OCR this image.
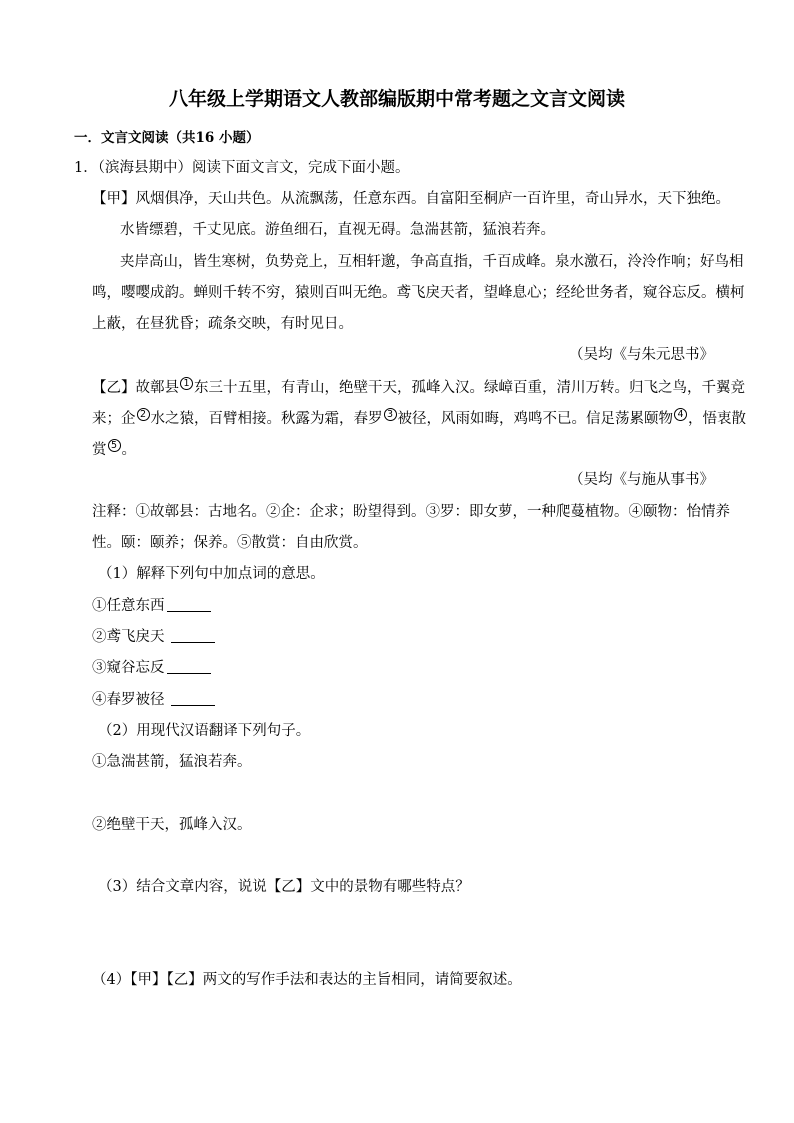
八年级上学期语文人教部编版期中常考题之文言文阅读
一．文言文阅读（共16 小题）
1．（滨海县期中）阅读下面文言文，完成下面小题。
【甲】风烟俱净，天山共色。从流飘荡，任意东西。自富阳至桐庐一百许里，奇山异水，天下独绝。
水皆缥碧，千丈见底。游鱼细石，直视无碍。急湍甚箭，猛浪若奔。
夹岸高山，皆生寒树，负势竞上，互相轩邈，争高直指，千百成峰。泉水激石，泠泠作响；好鸟相
鸣，嘤嘤成韵。蝉则千转不穷，猿则百叫无绝。鸢飞戾天者，望峰息心；经纶世务者，窥谷忘反。横柯
上蔽，在昼犹昏；疏条交映，有时见日。
（吴均《与朱元思书》
【乙】故鄣县 $^1$ 东三十五里，有青山，绝壁干天，孤峰入汉。绿嶂百重，清川万转。归飞之鸟，千翼竞
来；企 $^2$ 水之猿，百臂相接。秋露为霜，春罗 $^3$ 被径，风雨如晦，鸡鸣不已。信足荡累颐物 $^4$ ，悟衷散
赏 $^5$ 。
（吴均《与施从事书》
注释：①故鄣县：古地名。②企：企求；盼望得到。③罗：即女萝，一种爬蔓植物。④颐物：怡情养
性。颐：颐养；保养。⑤散赏：自由欣赏。
（1）解释下列句中加点词的意思。
①任意东西
②鸢飞戾天
③窥谷忘反
④春罗被径
（2）用现代汉语翻译下列句子。
①急湍甚箭，猛浪若奔。
②绝壁干天，孤峰入汉。
（3）结合文章内容，说说【乙】文中的景物有哪些特点？
（4）【甲】【乙】两文的写作手法和表达的主旨相同，请简要叙述。
